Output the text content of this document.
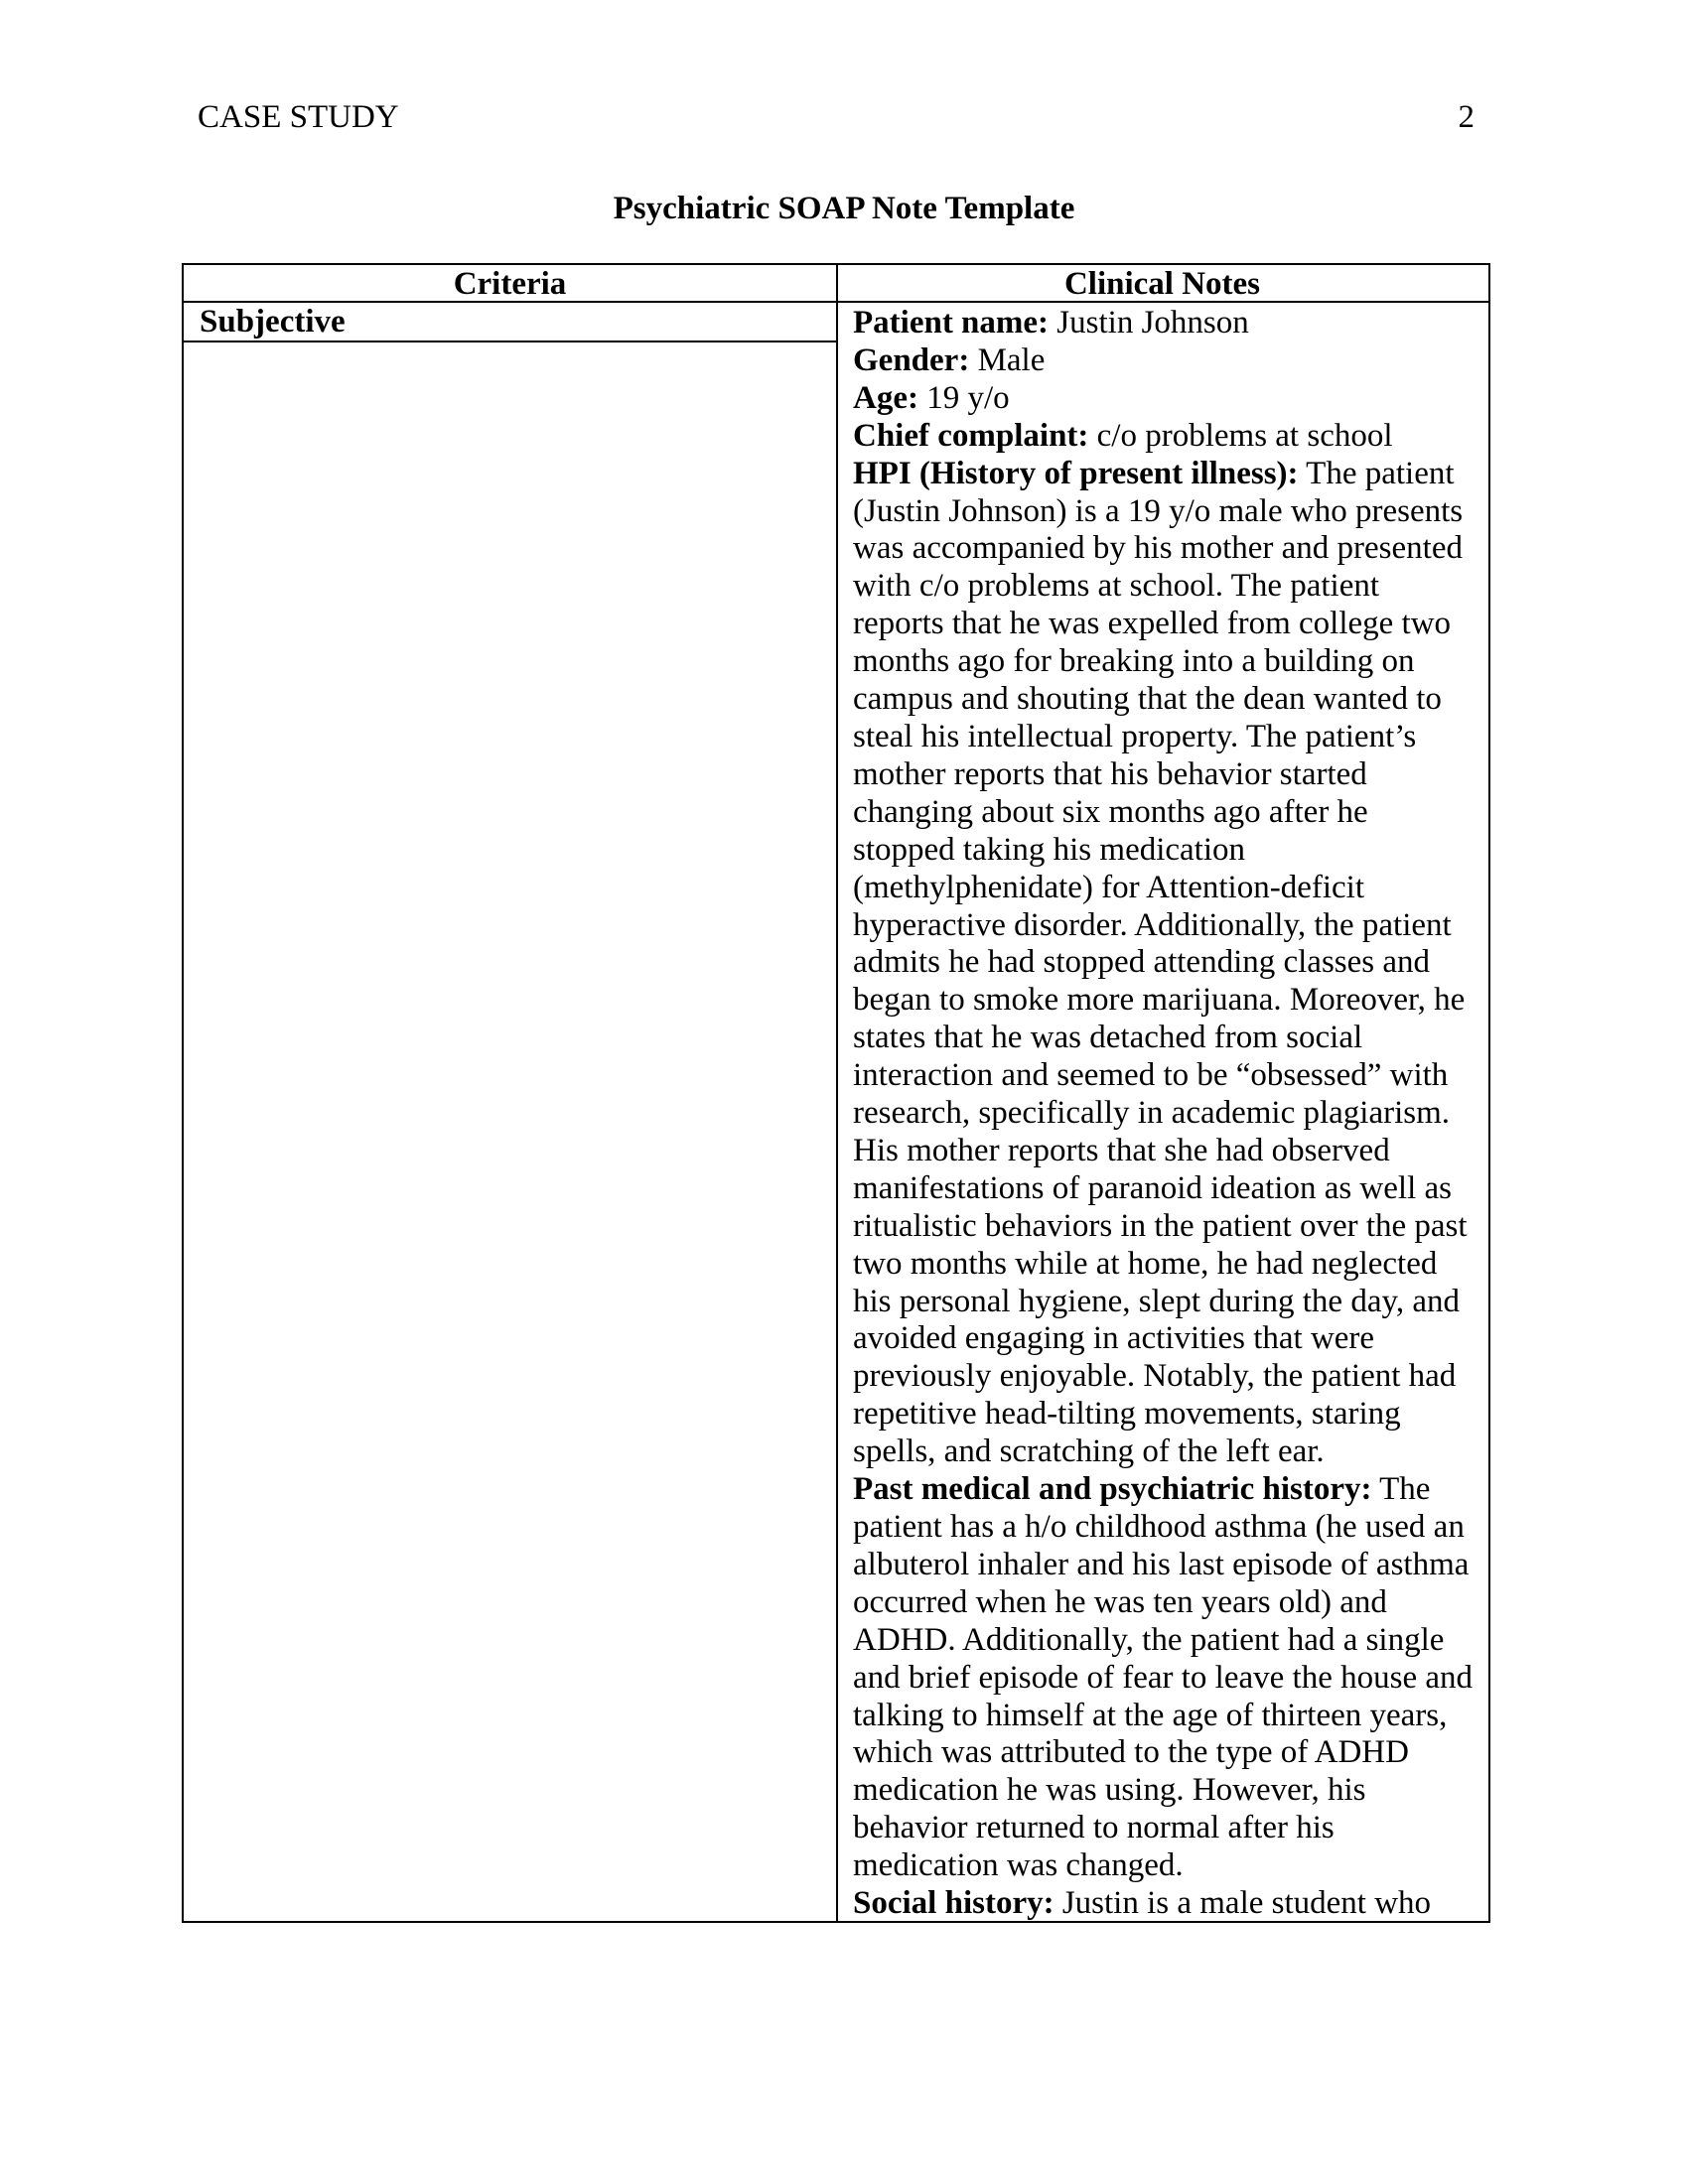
CASE STUDY	2
Psychiatric SOAP Note Template
Criteria	Clinical Notes
Subjective	Patient name: Justin Johnson
Gender: Male
Age: 19 y/o
Chief complaint: c/o problems at school
HPI (History of present illness): The patient
(Justin Johnson) is a 19 y/o male who presents
was accompanied by his mother and presented
with c/o problems at school. The patient
reports that he was expelled from college two
months ago for breaking into a building on
campus and shouting that the dean wanted to
steal his intellectual property. The patient’s
mother reports that his behavior started
changing about six months ago after he
stopped taking his medication
(methylphenidate) for Attention-deficit
hyperactive disorder. Additionally, the patient
admits he had stopped attending classes and
began to smoke more marijuana. Moreover, he
states that he was detached from social
interaction and seemed to be “obsessed” with
research, specifically in academic plagiarism.
His mother reports that she had observed
manifestations of paranoid ideation as well as
ritualistic behaviors in the patient over the past
two months while at home, he had neglected
his personal hygiene, slept during the day, and
avoided engaging in activities that were
previously enjoyable. Notably, the patient had
repetitive head-tilting movements, staring
spells, and scratching of the left ear.
Past medical and psychiatric history: The
patient has a h/o childhood asthma (he used an
albuterol inhaler and his last episode of asthma
occurred when he was ten years old) and
ADHD. Additionally, the patient had a single
and brief episode of fear to leave the house and
talking to himself at the age of thirteen years,
which was attributed to the type of ADHD
medication he was using. However, his
behavior returned to normal after his
medication was changed.
Social history: Justin is a male student who
